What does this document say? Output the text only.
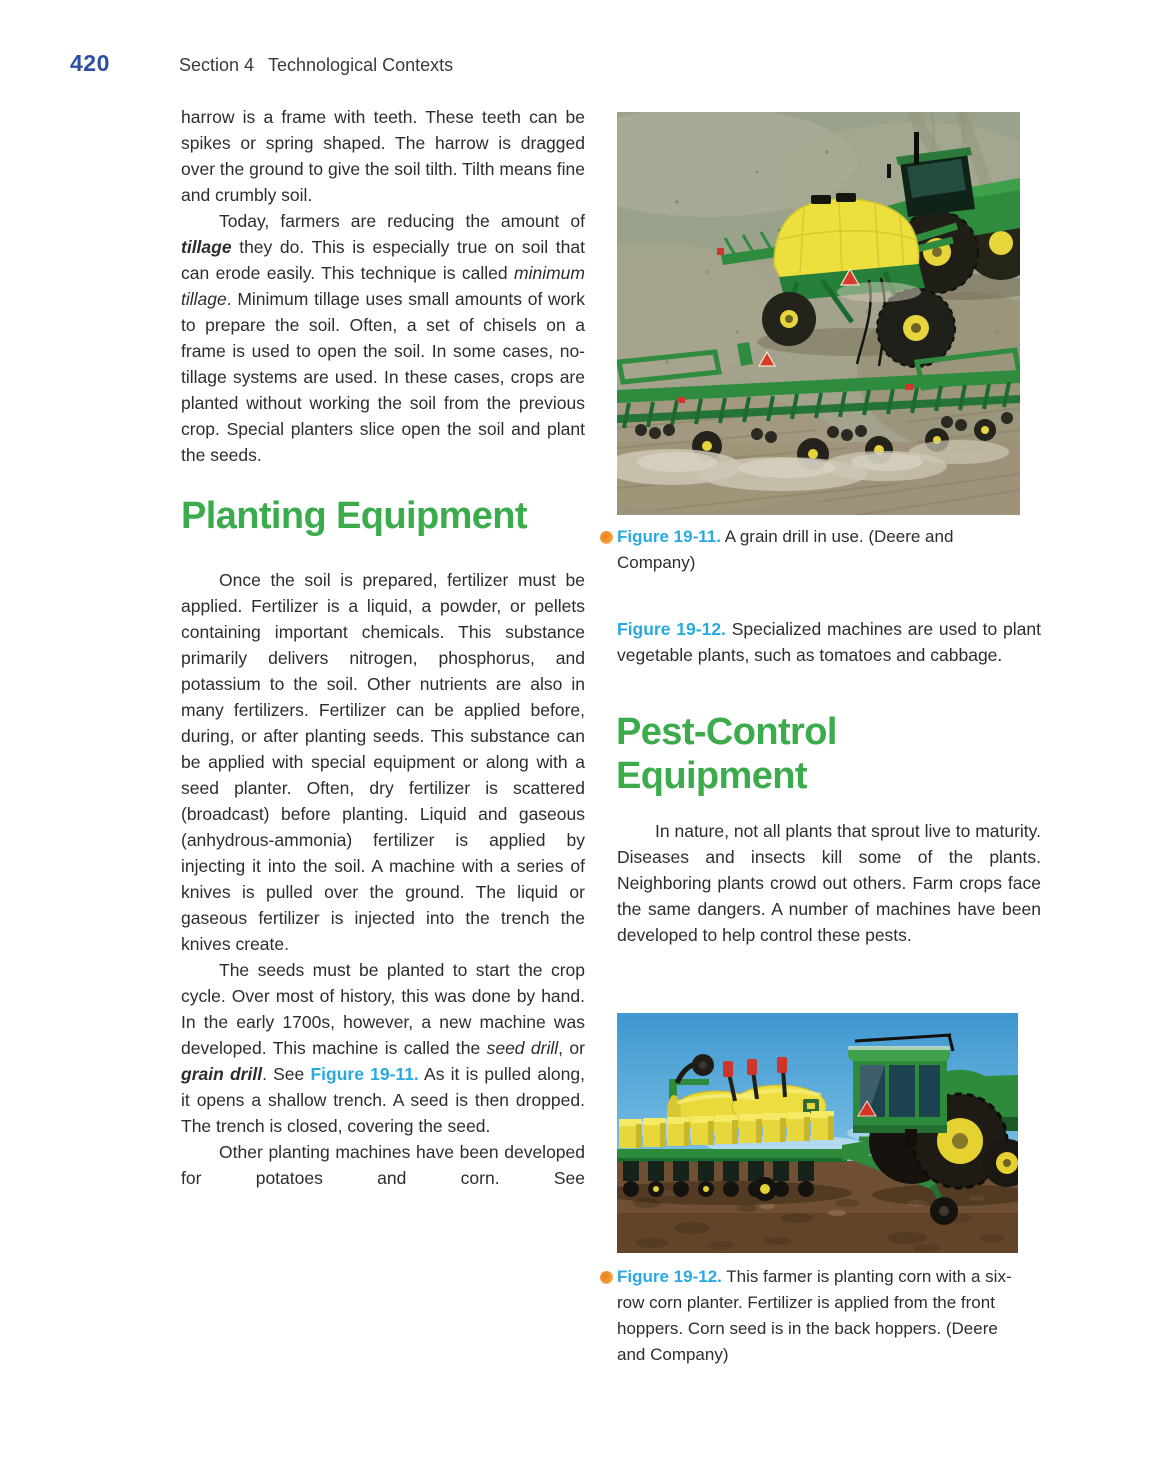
420	Section 4 Technological Contexts

harrow is a frame with teeth. These teeth can be spikes or spring shaped. The harrow is dragged over the ground to give the soil tilth. Tilth means fine and crumbly soil.

Today, farmers are reducing the amount of tillage they do. This is especially true on soil that can erode easily. This technique is called minimum tillage. Minimum tillage uses small amounts of work to prepare the soil. Often, a set of chisels on a frame is used to open the soil. In some cases, no-tillage systems are used. In these cases, crops are planted without working the soil from the previous crop. Special planters slice open the soil and plant the seeds.

Planting Equipment

Once the soil is prepared, fertilizer must be applied. Fertilizer is a liquid, a powder, or pellets containing important chemicals. This substance primarily delivers nitrogen, phosphorus, and potassium to the soil. Other nutrients are also in many fertilizers. Fertilizer can be applied before, during, or after planting seeds. This substance can be applied with special equipment or along with a seed planter. Often, dry fertilizer is scattered (broadcast) before planting. Liquid and gaseous (anhydrous-ammonia) fertilizer is applied by injecting it into the soil. A machine with a series of knives is pulled over the ground. The liquid or gaseous fertilizer is injected into the trench the knives create.

The seeds must be planted to start the crop cycle. Over most of history, this was done by hand. In the early 1700s, however, a new machine was developed. This machine is called the seed drill, or grain drill. See Figure 19-11. As it is pulled along, it opens a shallow trench. A seed is then dropped. The trench is closed, covering the seed.

Other planting machines have been developed for potatoes and corn. See

Figure 19-11. A grain drill in use. (Deere and Company)

Figure 19-12. Specialized machines are used to plant vegetable plants, such as tomatoes and cabbage.

Pest-Control Equipment

In nature, not all plants that sprout live to maturity. Diseases and insects kill some of the plants. Neighboring plants crowd out others. Farm crops face the same dangers. A number of machines have been developed to help control these pests.

Figure 19-12. This farmer is planting corn with a six-row corn planter. Fertilizer is applied from the front hoppers. Corn seed is in the back hoppers. (Deere and Company)
